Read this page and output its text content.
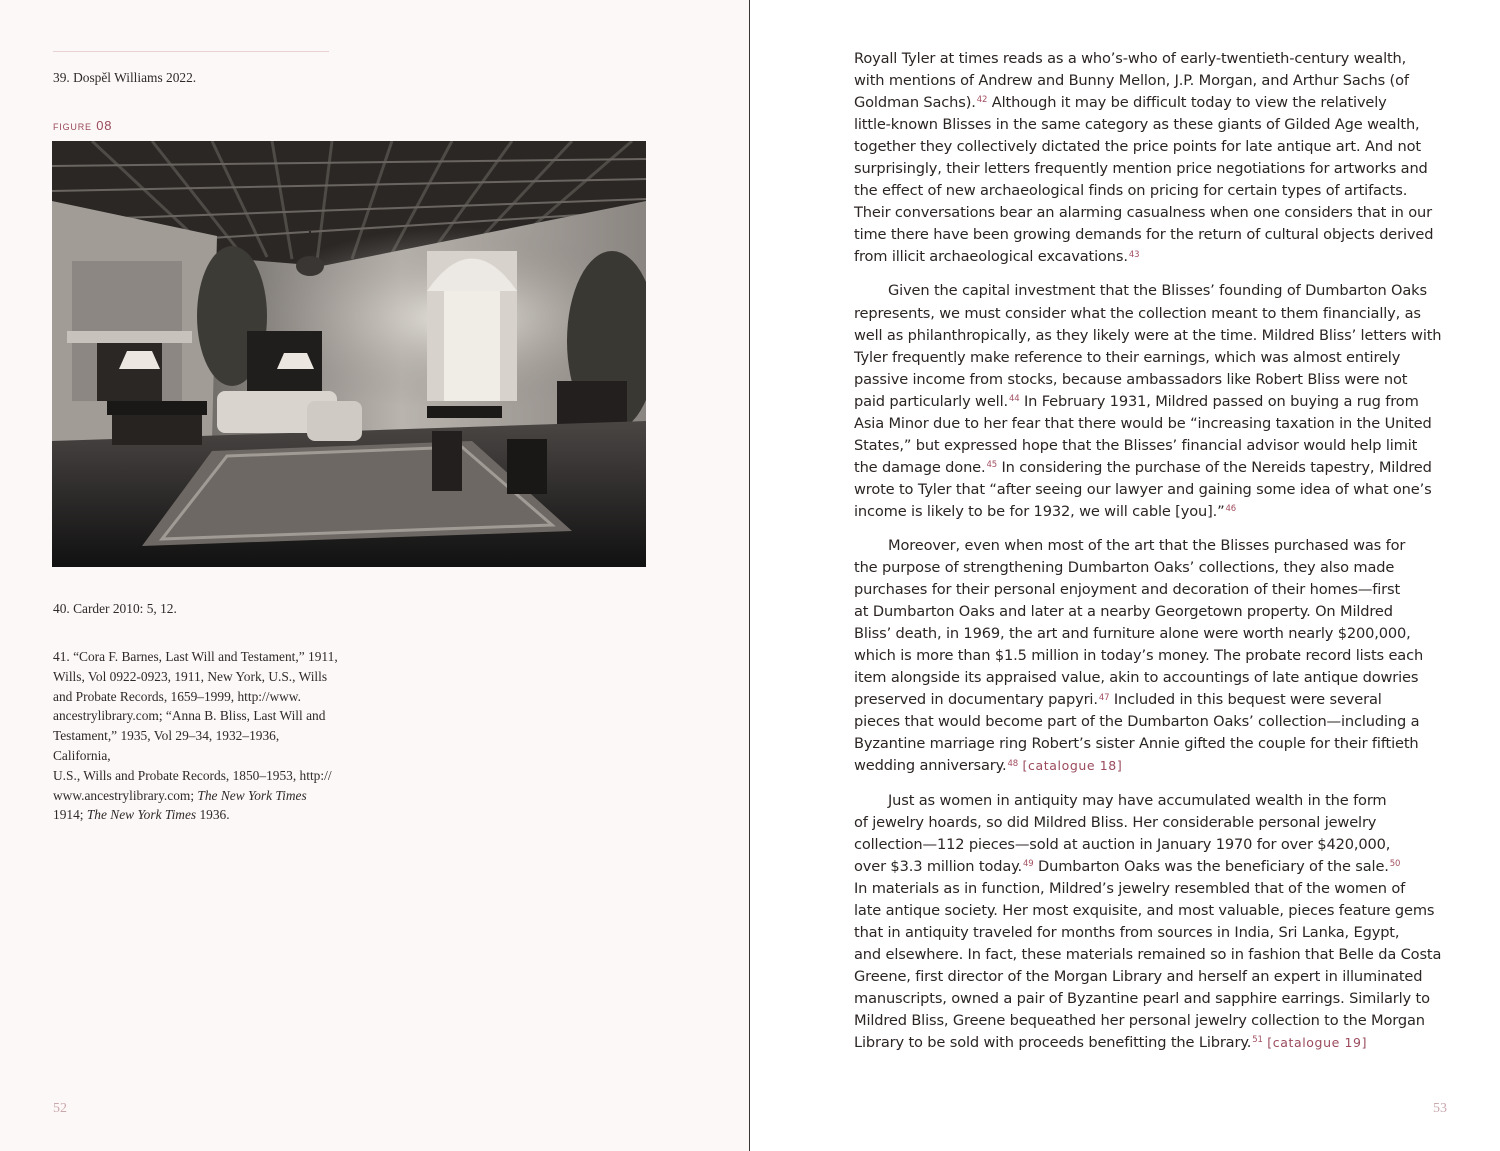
39. Dospěl Williams 2022.
figure 08
40. Carder 2010: 5, 12.
41. “Cora F. Barnes, Last Will and Testament,” 1911,
Wills, Vol 0922-0923, 1911, New York, U.S., Wills
and Probate Records, 1659–1999, http://www.
ancestrylibrary.com; “Anna B. Bliss, Last Will and
Testament,” 1935, Vol 29–34, 1932–1936, California,
U.S., Wills and Probate Records, 1850–1953, http://
www.ancestrylibrary.com; The New York Times
1914; The New York Times 1936.
52	53

Royall Tyler at times reads as a who’s-who of early-twentieth-century wealth,
with mentions of Andrew and Bunny Mellon, J.P. Morgan, and Arthur Sachs (of
Goldman Sachs).$^{42}$ Although it may be difficult today to view the relatively
little-known Blisses in the same category as these giants of Gilded Age wealth,
together they collectively dictated the price points for late antique art. And not
surprisingly, their letters frequently mention price negotiations for artworks and
the effect of new archaeological finds on pricing for certain types of artifacts.
Their conversations bear an alarming casualness when one considers that in our
time there have been growing demands for the return of cultural objects derived
from illicit archaeological excavations.$^{43}$

Given the capital investment that the Blisses’ founding of Dumbarton Oaks
represents, we must consider what the collection meant to them financially, as
well as philanthropically, as they likely were at the time. Mildred Bliss’ letters with
Tyler frequently make reference to their earnings, which was almost entirely
passive income from stocks, because ambassadors like Robert Bliss were not
paid particularly well.$^{44}$ In February 1931, Mildred passed on buying a rug from
Asia Minor due to her fear that there would be “increasing taxation in the United
States,” but expressed hope that the Blisses’ financial advisor would help limit
the damage done.$^{45}$ In considering the purchase of the Nereids tapestry, Mildred
wrote to Tyler that “after seeing our lawyer and gaining some idea of what one’s
income is likely to be for 1932, we will cable [you].”$^{46}$

Moreover, even when most of the art that the Blisses purchased was for
the purpose of strengthening Dumbarton Oaks’ collections, they also made
purchases for their personal enjoyment and decoration of their homes—first
at Dumbarton Oaks and later at a nearby Georgetown property. On Mildred
Bliss’ death, in 1969, the art and furniture alone were worth nearly $200,000,
which is more than $1.5 million in today’s money. The probate record lists each
item alongside its appraised value, akin to accountings of late antique dowries
preserved in documentary papyri.$^{47}$ Included in this bequest were several
pieces that would become part of the Dumbarton Oaks’ collection—including a
Byzantine marriage ring Robert’s sister Annie gifted the couple for their fiftieth
wedding anniversary.$^{48}$ [catalogue 18]

Just as women in antiquity may have accumulated wealth in the form
of jewelry hoards, so did Mildred Bliss. Her considerable personal jewelry
collection—112 pieces—sold at auction in January 1970 for over $420,000,
over $3.3 million today.$^{49}$ Dumbarton Oaks was the beneficiary of the sale.$^{50}$
In materials as in function, Mildred’s jewelry resembled that of the women of
late antique society. Her most exquisite, and most valuable, pieces feature gems
that in antiquity traveled for months from sources in India, Sri Lanka, Egypt,
and elsewhere. In fact, these materials remained so in fashion that Belle da Costa
Greene, first director of the Morgan Library and herself an expert in illuminated
manuscripts, owned a pair of Byzantine pearl and sapphire earrings. Similarly to
Mildred Bliss, Greene bequeathed her personal jewelry collection to the Morgan
Library to be sold with proceeds benefitting the Library.$^{51}$ [catalogue 19]
